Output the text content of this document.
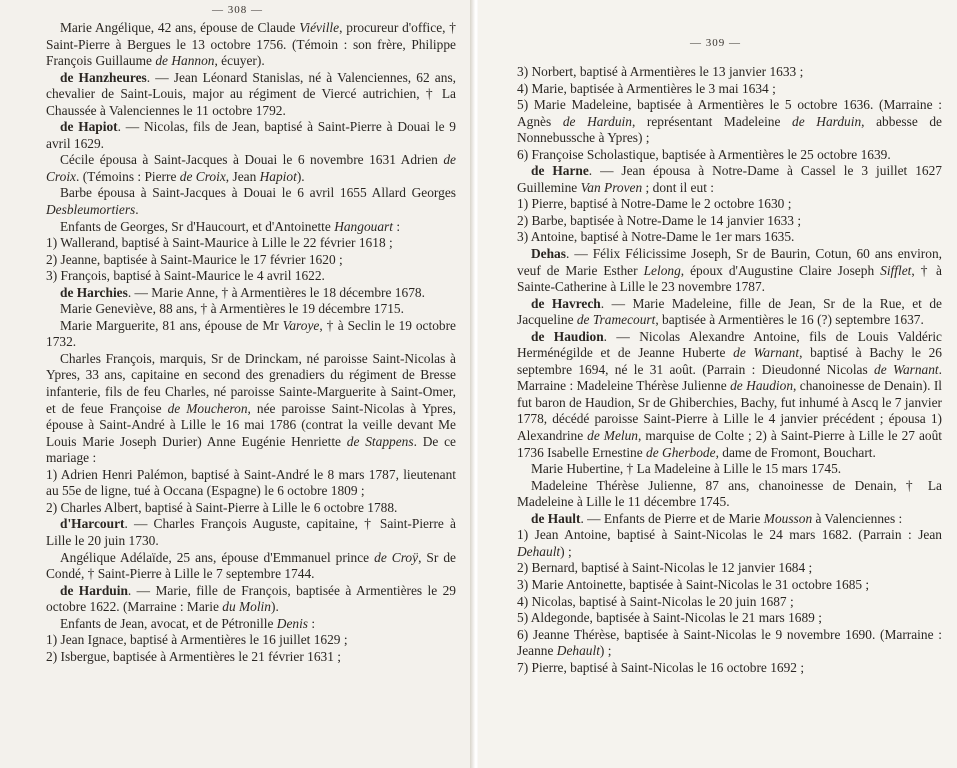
— 308 —

Marie Angélique, 42 ans, épouse de Claude Viéville, procureur d'office, † Saint-Pierre à Bergues le 13 octobre 1756. (Témoin : son frère, Philippe François Guillaume de Hannon, écuyer).

de Hanzheures. — Jean Léonard Stanislas, né à Valenciennes, 62 ans, chevalier de Saint-Louis, major au régiment de Viercé autrichien, † La Chaussée à Valenciennes le 11 octobre 1792.

de Hapiot. — Nicolas, fils de Jean, baptisé à Saint-Pierre à Douai le 9 avril 1629.

Cécile épousa à Saint-Jacques à Douai le 6 novembre 1631 Adrien de Croix. (Témoins : Pierre de Croix, Jean Hapiot).

Barbe épousa à Saint-Jacques à Douai le 6 avril 1655 Allard Georges Desbleumortiers.

Enfants de Georges, Sr d'Haucourt, et d'Antoinette Hangouart :

1) Wallerand, baptisé à Saint-Maurice à Lille le 22 février 1618 ;

2) Jeanne, baptisée à Saint-Maurice le 17 février 1620 ;

3) François, baptisé à Saint-Maurice le 4 avril 1622.

de Harchies. — Marie Anne, † à Armentières le 18 décembre 1678.

Marie Geneviève, 88 ans, † à Armentières le 19 décembre 1715.

Marie Marguerite, 81 ans, épouse de Mr Varoye, † à Seclin le 19 octobre 1732.

Charles François, marquis, Sr de Drinckam, né paroisse Saint-Nicolas à Ypres, 33 ans, capitaine en second des grenadiers du régiment de Bresse infanterie, fils de feu Charles, né paroisse Sainte-Marguerite à Saint-Omer, et de feue Françoise de Moucheron, née paroisse Saint-Nicolas à Ypres, épouse à Saint-André à Lille le 16 mai 1786 (contrat la veille devant Me Louis Marie Joseph Durier) Anne Eugénie Henriette de Stappens. De ce mariage :

1) Adrien Henri Palémon, baptisé à Saint-André le 8 mars 1787, lieutenant au 55e de ligne, tué à Occana (Espagne) le 6 octobre 1809 ;

2) Charles Albert, baptisé à Saint-Pierre à Lille le 6 octobre 1788.

d'Harcourt. — Charles François Auguste, capitaine, † Saint-Pierre à Lille le 20 juin 1730.

Angélique Adélaïde, 25 ans, épouse d'Emmanuel prince de Croÿ, Sr de Condé, † Saint-Pierre à Lille le 7 septembre 1744.

de Harduin. — Marie, fille de François, baptisée à Armentières le 29 octobre 1622. (Marraine : Marie du Molin).

Enfants de Jean, avocat, et de Pétronille Denis :

1) Jean Ignace, baptisé à Armentières le 16 juillet 1629 ;

2) Isbergue, baptisée à Armentières le 21 février 1631 ;

— 309 —

3) Norbert, baptisé à Armentières le 13 janvier 1633 ;

4) Marie, baptisée à Armentières le 3 mai 1634 ;

5) Marie Madeleine, baptisée à Armentières le 5 octobre 1636. (Marraine : Agnès de Harduin, représentant Madeleine de Harduin, abbesse de Nonnebussche à Ypres) ;

6) Françoise Scholastique, baptisée à Armentières le 25 octobre 1639.

de Harne. — Jean épousa à Notre-Dame à Cassel le 3 juillet 1627 Guillemine Van Proven ; dont il eut :

1) Pierre, baptisé à Notre-Dame le 2 octobre 1630 ;

2) Barbe, baptisée à Notre-Dame le 14 janvier 1633 ;

3) Antoine, baptisé à Notre-Dame le 1er mars 1635.

Dehas. — Félix Félicissime Joseph, Sr de Baurin, Cotun, 60 ans environ, veuf de Marie Esther Lelong, époux d'Augustine Claire Joseph Sifflet, † à Sainte-Catherine à Lille le 23 novembre 1787.

de Havrech. — Marie Madeleine, fille de Jean, Sr de la Rue, et de Jacqueline de Tramecourt, baptisée à Armentières le 16 (?) septembre 1637.

de Haudion. — Nicolas Alexandre Antoine, fils de Louis Valdéric Herménégilde et de Jeanne Huberte de Warnant, baptisé à Bachy le 26 septembre 1694, né le 31 août. (Parrain : Dieudonné Nicolas de Warnant. Marraine : Madeleine Thérèse Julienne de Haudion, chanoinesse de Denain). Il fut baron de Haudion, Sr de Ghiberchies, Bachy, fut inhumé à Ascq le 7 janvier 1778, décédé paroisse Saint-Pierre à Lille le 4 janvier précédent ; épousa 1) Alexandrine de Melun, marquise de Colte ; 2) à Saint-Pierre à Lille le 27 août 1736 Isabelle Ernestine de Gherbode, dame de Fromont, Bouchart.

Marie Hubertine, † La Madeleine à Lille le 15 mars 1745.

Madeleine Thérèse Julienne, 87 ans, chanoinesse de Denain, † La Madeleine à Lille le 11 décembre 1745.

de Hault. — Enfants de Pierre et de Marie Mousson à Valenciennes :

1) Jean Antoine, baptisé à Saint-Nicolas le 24 mars 1682. (Parrain : Jean Dehault) ;

2) Bernard, baptisé à Saint-Nicolas le 12 janvier 1684 ;

3) Marie Antoinette, baptisée à Saint-Nicolas le 31 octobre 1685 ;

4) Nicolas, baptisé à Saint-Nicolas le 20 juin 1687 ;

5) Aldegonde, baptisée à Saint-Nicolas le 21 mars 1689 ;

6) Jeanne Thérèse, baptisée à Saint-Nicolas le 9 novembre 1690. (Marraine : Jeanne Dehault) ;

7) Pierre, baptisé à Saint-Nicolas le 16 octobre 1692 ;
